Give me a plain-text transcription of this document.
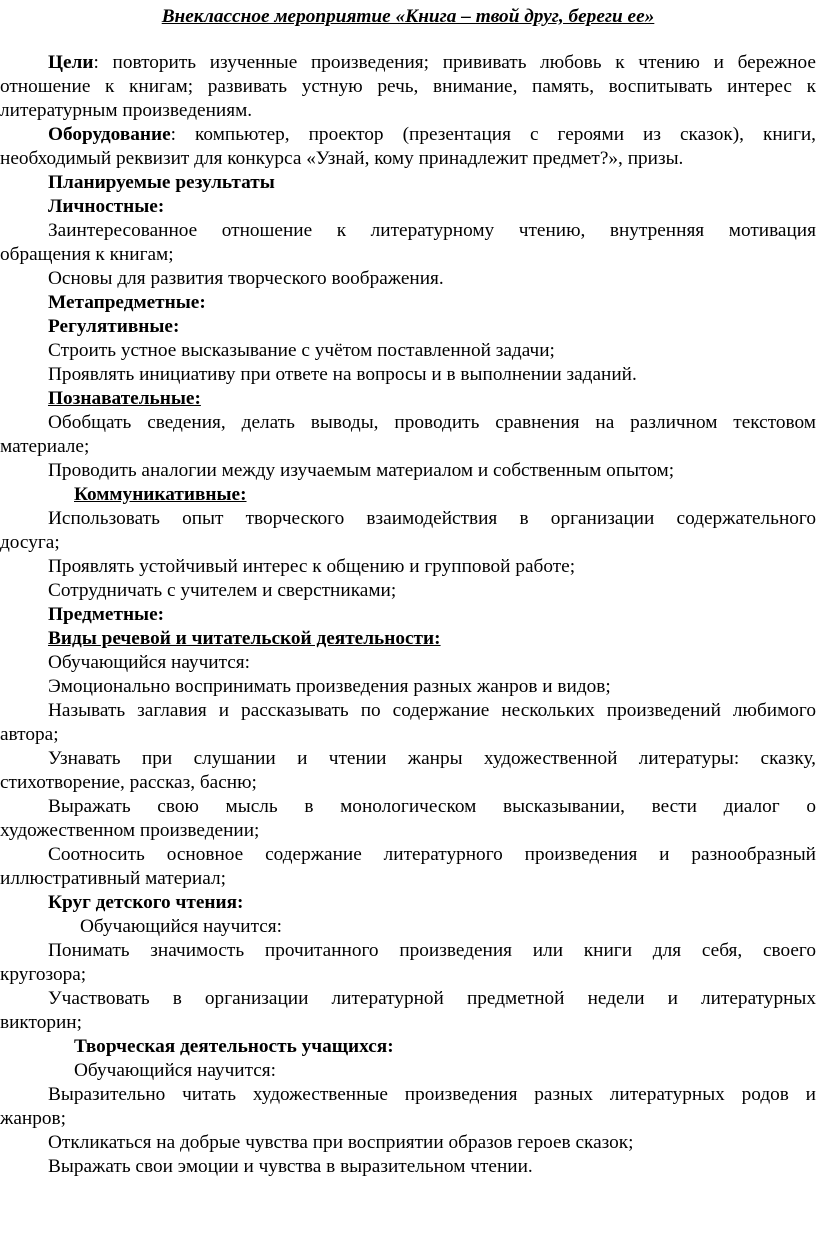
Внеклассное мероприятие «Книга – твой друг, береги ее»
Цели: повторить изученные произведения; прививать любовь к чтению и бережное
отношение к книгам; развивать устную речь, внимание, память, воспитывать интерес к
литературным произведениям.
Оборудование: компьютер, проектор (презентация с героями из сказок), книги,
необходимый реквизит для конкурса «Узнай, кому принадлежит предмет?», призы.
Планируемые результаты
Личностные:
Заинтересованное отношение к литературному чтению, внутренняя мотивация
обращения к книгам;
Основы для развития творческого воображения.
Метапредметные:
Регулятивные:
Строить устное высказывание с учётом поставленной задачи;
Проявлять инициативу при ответе на вопросы и в выполнении заданий.
Познавательные:
Обобщать сведения, делать выводы, проводить сравнения на различном текстовом
материале;
Проводить аналогии между изучаемым материалом и собственным опытом;
Коммуникативные:
Использовать опыт творческого взаимодействия в организации содержательного
досуга;
Проявлять устойчивый интерес к общению и групповой работе;
Сотрудничать с учителем и сверстниками;
Предметные:
Виды речевой и читательской деятельности:
Обучающийся научится:
Эмоционально воспринимать произведения разных жанров и видов;
Называть заглавия и рассказывать по содержание нескольких произведений любимого
автора;
Узнавать при слушании и чтении жанры художественной литературы: сказку,
стихотворение, рассказ, басню;
Выражать свою мысль в монологическом высказывании, вести диалог о
художественном произведении;
Соотносить основное содержание литературного произведения и разнообразный
иллюстративный материал;
Круг детского чтения:
Обучающийся научится:
Понимать значимость прочитанного произведения или книги для себя, своего
кругозора;
Участвовать в организации литературной предметной недели и литературных
викторин;
Творческая деятельность учащихся:
Обучающийся научится:
Выразительно читать художественные произведения разных литературных родов и
жанров;
Откликаться на добрые чувства при восприятии образов героев сказок;
Выражать свои эмоции и чувства в выразительном чтении.
